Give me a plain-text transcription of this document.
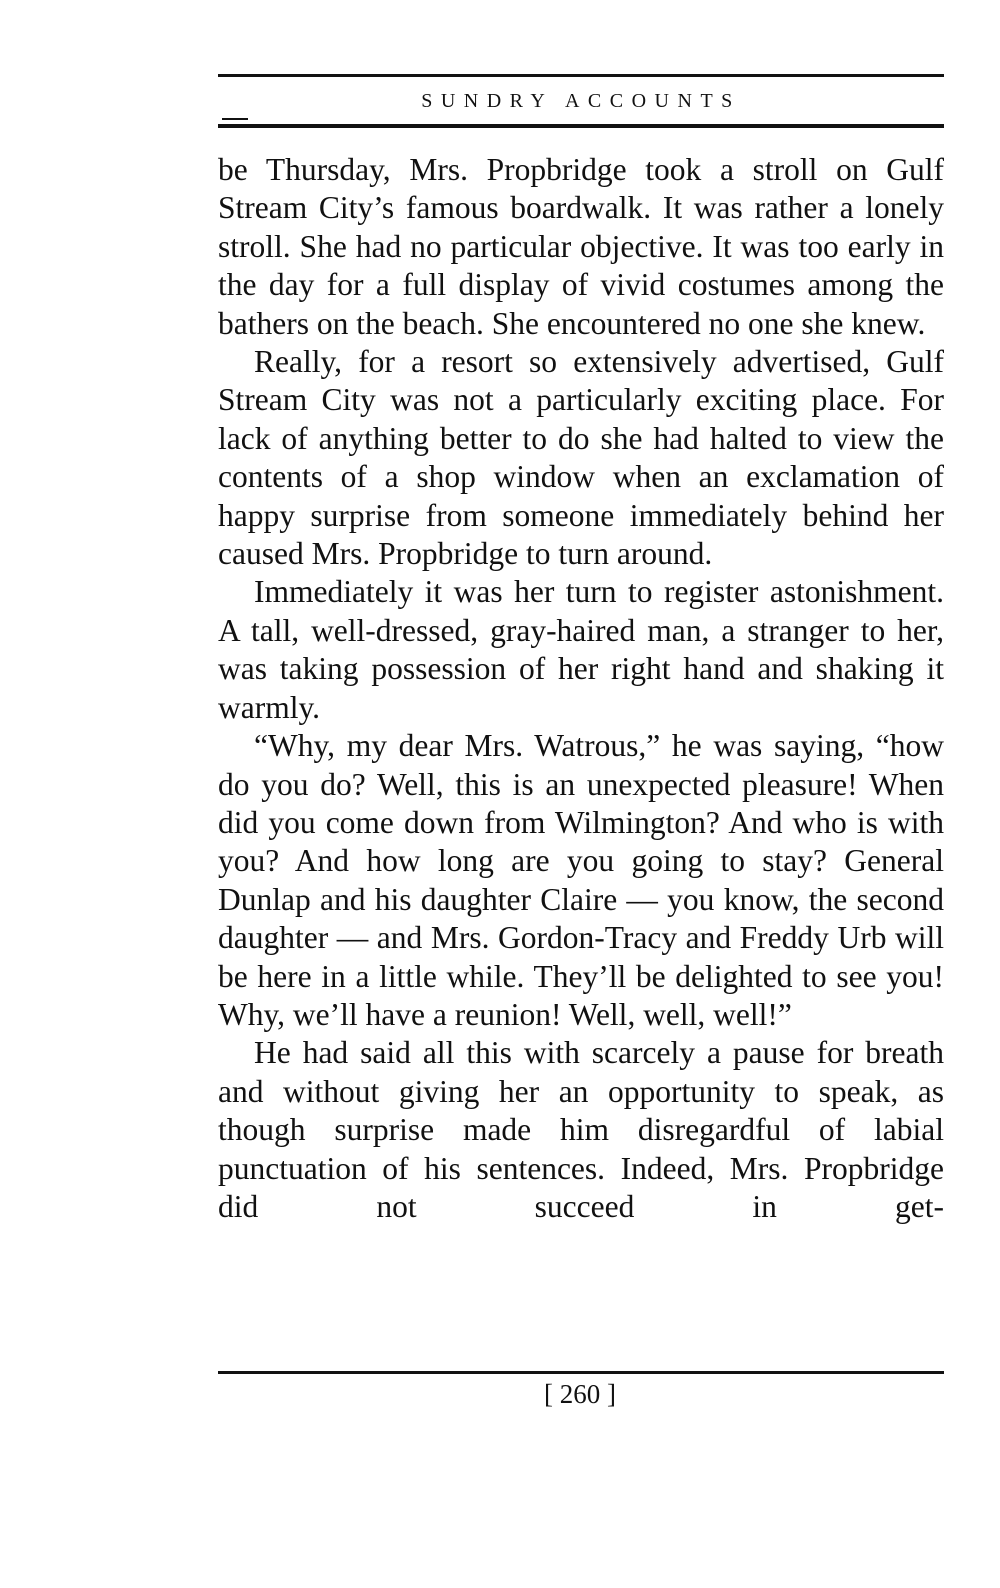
SUNDRY ACCOUNTS

be Thursday, Mrs. Propbridge took a stroll on Gulf Stream City’s famous boardwalk. It was rather a lonely stroll. She had no particular objective. It was too early in the day for a full display of vivid costumes among the bathers on the beach. She encountered no one she knew.

Really, for a resort so extensively advertised, Gulf Stream City was not a particularly exciting place. For lack of anything better to do she had halted to view the contents of a shop window when an exclamation of happy surprise from someone immediately behind her caused Mrs. Propbridge to turn around.

Immediately it was her turn to register astonishment. A tall, well-dressed, gray-haired man, a stranger to her, was taking possession of her right hand and shaking it warmly.

“Why, my dear Mrs. Watrous,” he was saying, “how do you do? Well, this is an unexpected pleasure! When did you come down from Wilmington? And who is with you? And how long are you going to stay? General Dunlap and his daughter Claire — you know, the second daughter — and Mrs. Gordon-Tracy and Freddy Urb will be here in a little while. They’ll be delighted to see you! Why, we’ll have a reunion! Well, well, well!”

He had said all this with scarcely a pause for breath and without giving her an opportunity to speak, as though surprise made him disregardful of labial punctuation of his sentences. Indeed, Mrs. Propbridge did not succeed in get-

[ 260 ]
